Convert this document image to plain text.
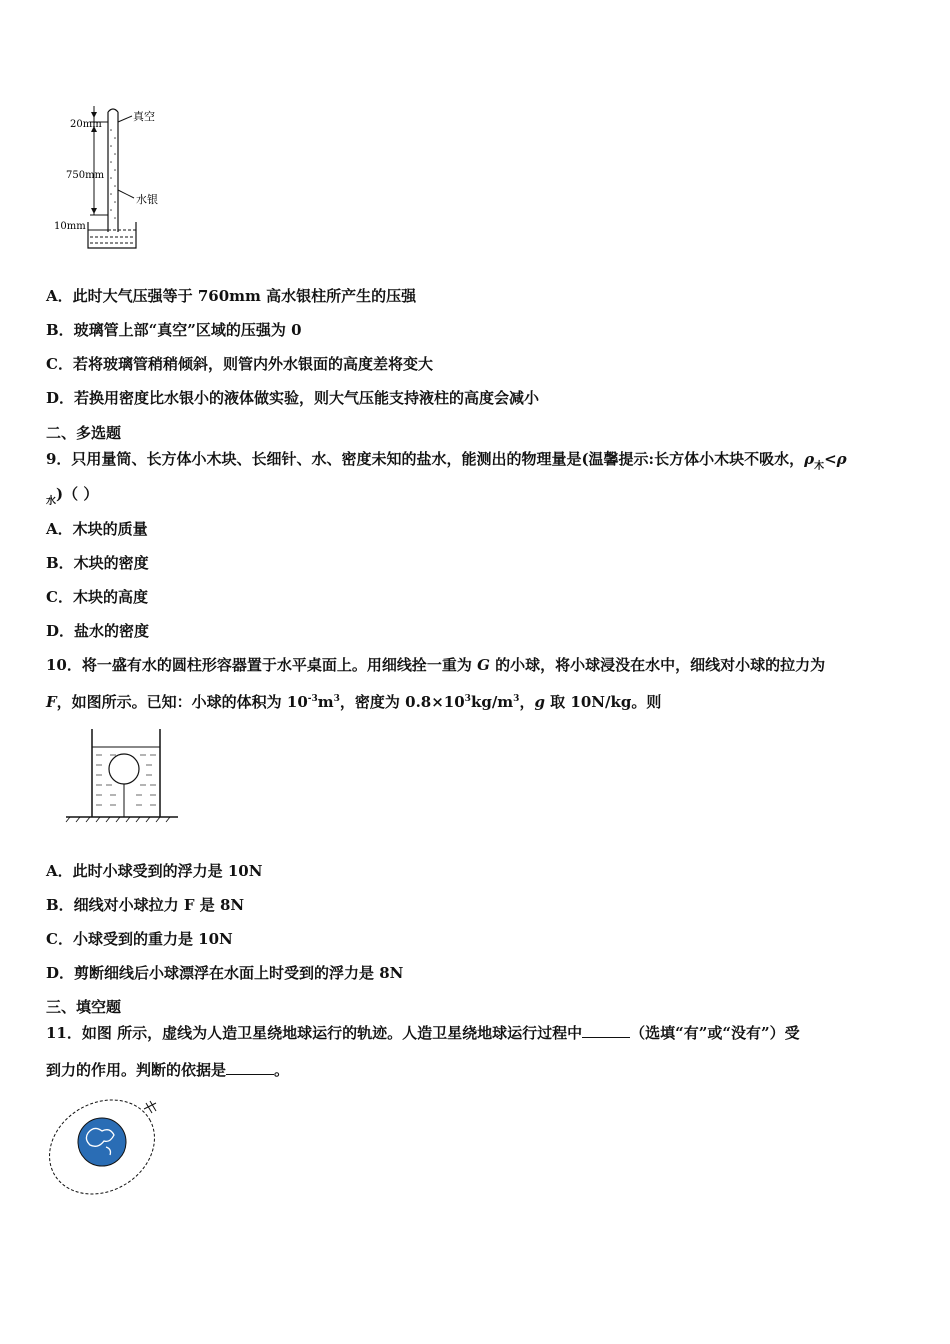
20mm
750mm
10mm
真空
水银
A．此时大气压强等于 760mm 高水银柱所产生的压强
B．玻璃管上部“真空”区域的压强为 0
C．若将玻璃管稍稍倾斜，则管内外水银面的高度差将变大
D．若换用密度比水银小的液体做实验，则大气压能支持液柱的高度会减小
二、多选题
9．只用量筒、长方体小木块、长细针、水、密度未知的盐水，能测出的物理量是(温馨提示:长方体小木块不吸水，$\rho_木<\rho$
$_水$)（ ）
A．木块的质量
B．木块的密度
C．木块的高度
D．盐水的密度
10．将一盛有水的圆柱形容器置于水平桌面上。用细线拴一重为 G 的小球，将小球浸没在水中，细线对小球的拉力为
F，如图所示。已知：小球的体积为 $10^{-3}m^3$，密度为 $0.8\times 10^3kg/m^3$，g 取 10N/kg。则
A．此时小球受到的浮力是 10N
B．细线对小球拉力 F 是 8N
C．小球受到的重力是 10N
D．剪断细线后小球漂浮在水面上时受到的浮力是 8N
三、填空题
11．如图 所示，虚线为人造卫星绕地球运行的轨迹。人造卫星绕地球运行过程中	（选填“有”或“没有”）受
到力的作用。判断的依据是	。
